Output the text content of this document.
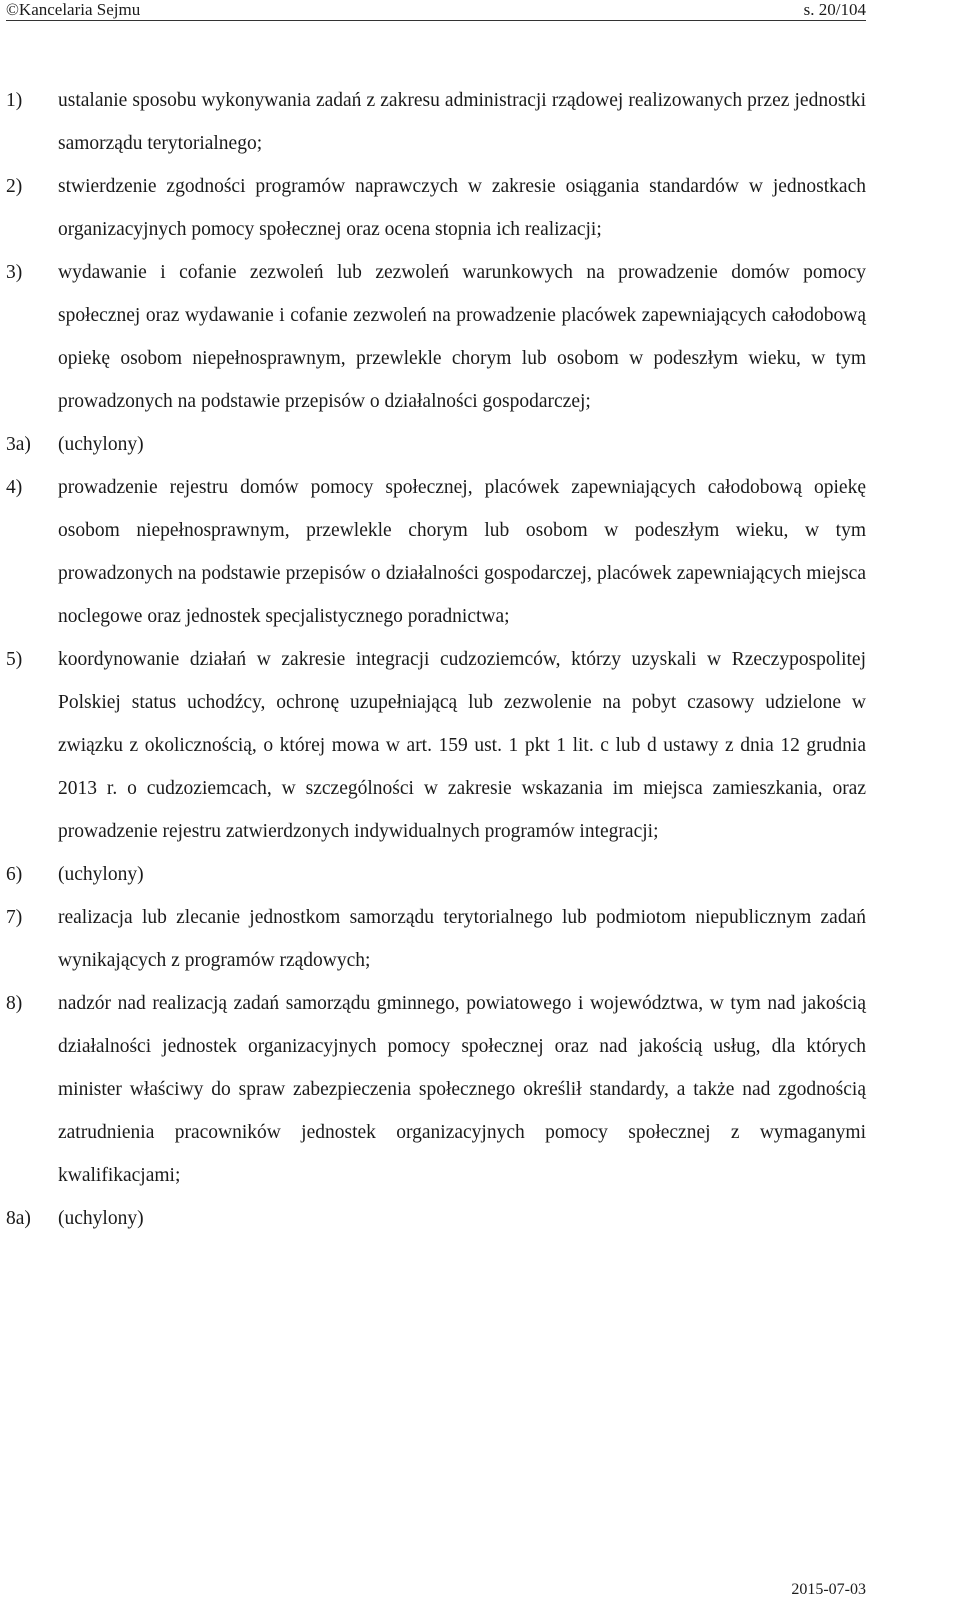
©Kancelaria Sejmu	s. 20/104
1)	ustalanie sposobu wykonywania zadań z zakresu administracji rządowej realizowanych przez jednostki samorządu terytorialnego;
2)	stwierdzenie zgodności programów naprawczych w zakresie osiągania standardów w jednostkach organizacyjnych pomocy społecznej oraz ocena stopnia ich realizacji;
3)	wydawanie i cofanie zezwoleń lub zezwoleń warunkowych na prowadzenie domów pomocy społecznej oraz wydawanie i cofanie zezwoleń na prowadzenie placówek zapewniających całodobową opiekę osobom niepełnosprawnym, przewlekle chorym lub osobom w podeszłym wieku, w tym prowadzonych na podstawie przepisów o działalności gospodarczej;
3a)	(uchylony)
4)	prowadzenie rejestru domów pomocy społecznej, placówek zapewniających całodobową opiekę osobom niepełnosprawnym, przewlekle chorym lub osobom w podeszłym wieku, w tym prowadzonych na podstawie przepisów o działalności gospodarczej, placówek zapewniających miejsca noclegowe oraz jednostek specjalistycznego poradnictwa;
5)	koordynowanie działań w zakresie integracji cudzoziemców, którzy uzyskali w Rzeczypospolitej Polskiej status uchodźcy, ochronę uzupełniającą lub zezwolenie na pobyt czasowy udzielone w związku z okolicznością, o której mowa w art. 159 ust. 1 pkt 1 lit. c lub d ustawy z dnia 12 grudnia 2013 r. o cudzoziemcach, w szczególności w zakresie wskazania im miejsca zamieszkania, oraz prowadzenie rejestru zatwierdzonych indywidualnych programów integracji;
6)	(uchylony)
7)	realizacja lub zlecanie jednostkom samorządu terytorialnego lub podmiotom niepublicznym zadań wynikających z programów rządowych;
8)	nadzór nad realizacją zadań samorządu gminnego, powiatowego i województwa, w tym nad jakością działalności jednostek organizacyjnych pomocy społecznej oraz nad jakością usług, dla których minister właściwy do spraw zabezpieczenia społecznego określił standardy, a także nad zgodnością zatrudnienia pracowników jednostek organizacyjnych pomocy społecznej z wymaganymi kwalifikacjami;
8a)	(uchylony)
2015-07-03
